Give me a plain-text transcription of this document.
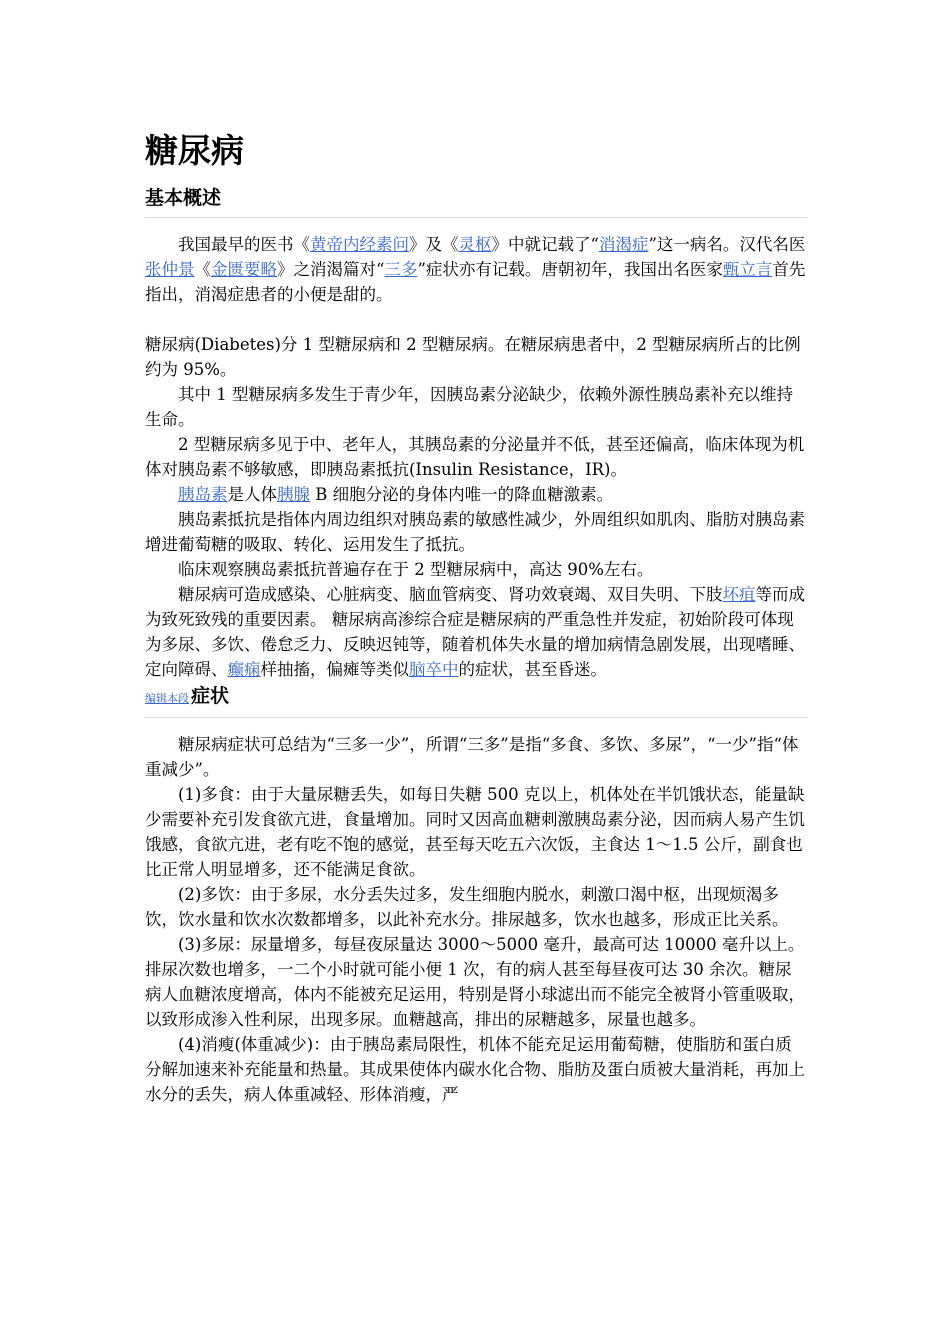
糖尿病
基本概述

我国最早的医书《黄帝内经素问》及《灵枢》中就记载了“消渴症”这一病名。汉代名医张仲景《金匮要略》之消渴篇对“三多”症状亦有记载。唐朝初年，我国出名医家甄立言首先指出，消渴症患者的小便是甜的。

糖尿病(Diabetes)分 1 型糖尿病和 2 型糖尿病。在糖尿病患者中，2 型糖尿病所占的比例约为 95%。

其中 1 型糖尿病多发生于青少年，因胰岛素分泌缺少，依赖外源性胰岛素补充以维持生命。

2 型糖尿病多见于中、老年人，其胰岛素的分泌量并不低，甚至还偏高，临床体现为机体对胰岛素不够敏感，即胰岛素抵抗(Insulin Resistance，IR)。

胰岛素是人体胰腺 B 细胞分泌的身体内唯一的降血糖激素。

胰岛素抵抗是指体内周边组织对胰岛素的敏感性减少，外周组织如肌肉、脂肪对胰岛素增进葡萄糖的吸取、转化、运用发生了抵抗。

临床观察胰岛素抵抗普遍存在于 2 型糖尿病中，高达 90%左右。

糖尿病可造成感染、心脏病变、脑血管病变、肾功效衰竭、双目失明、下肢坏疽等而成为致死致残的重要因素。 糖尿病高渗综合症是糖尿病的严重急性并发症，初始阶段可体现为多尿、多饮、倦怠乏力、反映迟钝等，随着机体失水量的增加病情急剧发展，出现嗜睡、定向障碍、癫痫样抽搐，偏瘫等类似脑卒中的症状，甚至昏迷。

编辑本段 症状

糖尿病症状可总结为“三多一少”，所谓“三多”是指“多食、多饮、多尿”，“一少”指“体重减少”。

(1)多食：由于大量尿糖丢失，如每日失糖 500 克以上，机体处在半饥饿状态，能量缺少需要补充引发食欲亢进，食量增加。同时又因高血糖刺激胰岛素分泌，因而病人易产生饥饿感，食欲亢进，老有吃不饱的感觉，甚至每天吃五六次饭，主食达 1～1.5 公斤，副食也比正常人明显增多，还不能满足食欲。

(2)多饮：由于多尿，水分丢失过多，发生细胞内脱水，刺激口渴中枢，出现烦渴多饮，饮水量和饮水次数都增多，以此补充水分。排尿越多，饮水也越多，形成正比关系。

(3)多尿：尿量增多，每昼夜尿量达 3000～5000 毫升，最高可达 10000 毫升以上。排尿次数也增多，一二个小时就可能小便 1 次，有的病人甚至每昼夜可达 30 余次。糖尿病人血糖浓度增高，体内不能被充足运用，特别是肾小球滤出而不能完全被肾小管重吸取，以致形成渗入性利尿，出现多尿。血糖越高，排出的尿糖越多，尿量也越多。

(4)消瘦(体重减少)：由于胰岛素局限性，机体不能充足运用葡萄糖，使脂肪和蛋白质分解加速来补充能量和热量。其成果使体内碳水化合物、脂肪及蛋白质被大量消耗，再加上水分的丢失，病人体重减轻、形体消瘦，严
